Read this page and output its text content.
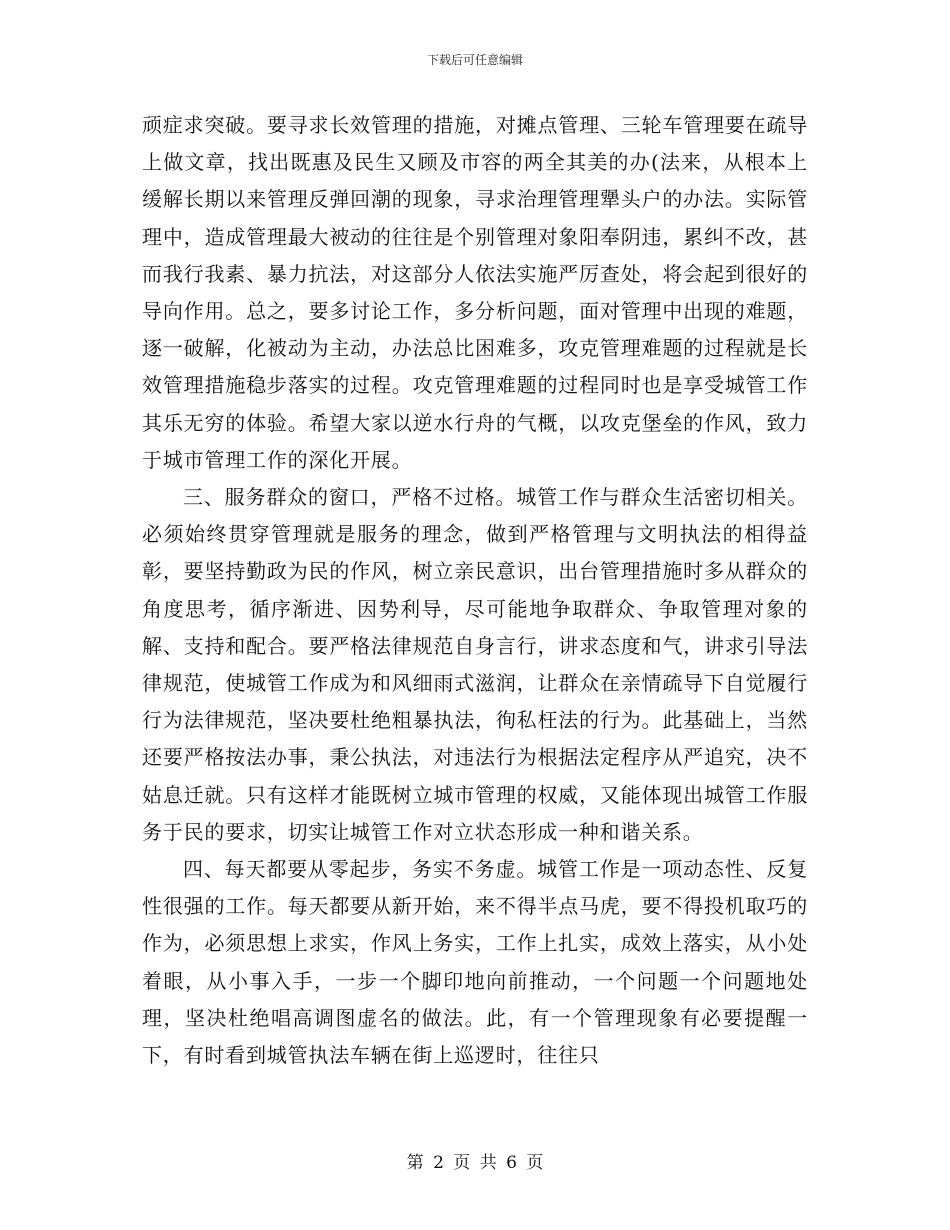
下载后可任意编辑

顽症求突破。要寻求长效管理的措施，对摊点管理、三轮车管理要在疏导上做文章，找出既惠及民生又顾及市容的两全其美的办(法来，从根本上缓解长期以来管理反弹回潮的现象，寻求治理管理犟头户的办法。实际管理中，造成管理最大被动的往往是个别管理对象阳奉阴违，累纠不改，甚而我行我素、暴力抗法，对这部分人依法实施严厉查处，将会起到很好的导向作用。总之，要多讨论工作，多分析问题，面对管理中出现的难题，逐一破解，化被动为主动，办法总比困难多，攻克管理难题的过程就是长效管理措施稳步落实的过程。攻克管理难题的过程同时也是享受城管工作其乐无穷的体验。希望大家以逆水行舟的气概，以攻克堡垒的作风，致力于城市管理工作的深化开展。

三、服务群众的窗口，严格不过格。城管工作与群众生活密切相关。必须始终贯穿管理就是服务的理念，做到严格管理与文明执法的相得益彰，要坚持勤政为民的作风，树立亲民意识，出台管理措施时多从群众的角度思考，循序渐进、因势利导，尽可能地争取群众、争取管理对象的解、支持和配合。要严格法律规范自身言行，讲求态度和气，讲求引导法律规范，使城管工作成为和风细雨式滋润，让群众在亲情疏导下自觉履行行为法律规范，坚决要杜绝粗暴执法，徇私枉法的行为。此基础上，当然还要严格按法办事，秉公执法，对违法行为根据法定程序从严追究，决不姑息迁就。只有这样才能既树立城市管理的权威，又能体现出城管工作服务于民的要求，切实让城管工作对立状态形成一种和谐关系。

四、每天都要从零起步，务实不务虚。城管工作是一项动态性、反复性很强的工作。每天都要从新开始，来不得半点马虎，要不得投机取巧的作为，必须思想上求实，作风上务实，工作上扎实，成效上落实，从小处着眼，从小事入手，一步一个脚印地向前推动，一个问题一个问题地处理，坚决杜绝唱高调图虚名的做法。此，有一个管理现象有必要提醒一下，有时看到城管执法车辆在街上巡逻时，往往只

第 2 页 共 6 页
